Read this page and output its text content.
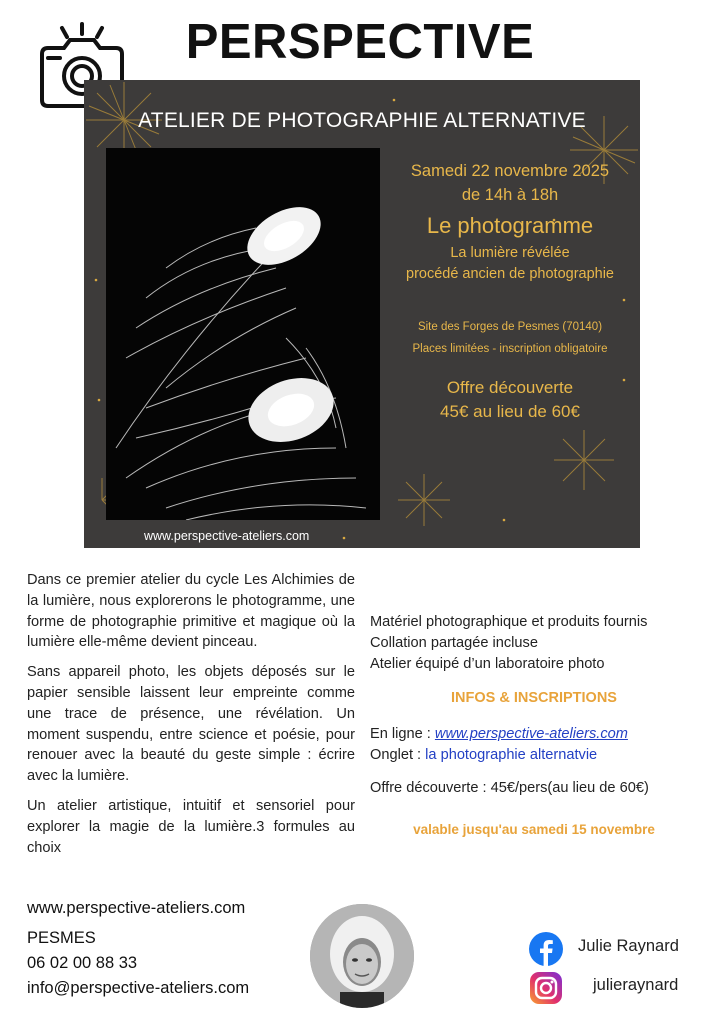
PERSPECTIVE
ATELIER DE PHOTOGRAPHIE ALTERNATIVE
www.perspective-ateliers.com
Samedi 22 novembre 2025
de 14h à 18h
Le photogramme
La lumière révélée
procédé ancien de photographie
Site des Forges de Pesmes (70140)
Places limitées - inscription obligatoire
Offre découverte
45€ au lieu de 60€

Dans ce premier atelier du cycle Les Alchimies de la lumière, nous explorerons le photogramme, une forme de photographie primitive et magique où la lumière elle-même devient pinceau.

Sans appareil photo, les objets déposés sur le papier sensible laissent leur empreinte comme une trace de présence, une révélation. Un moment suspendu, entre science et poésie, pour renouer avec la beauté du geste simple : écrire avec la lumière.

Un atelier artistique, intuitif et sensoriel pour explorer la magie de la lumière.3 formules au choix

Matériel photographique et produits fournis
Collation partagée incluse
Atelier équipé d’un laboratoire photo
INFOS & INSCRIPTIONS
En ligne : www.perspective-ateliers.com
Onglet : la photographie alternatvie
Offre découverte : 45€/pers(au lieu de 60€)
valable jusqu'au samedi 15 novembre
www.perspective-ateliers.com
PESMES
06 02 00 88 33
info@perspective-ateliers.com
Julie Raynard
julieraynard
